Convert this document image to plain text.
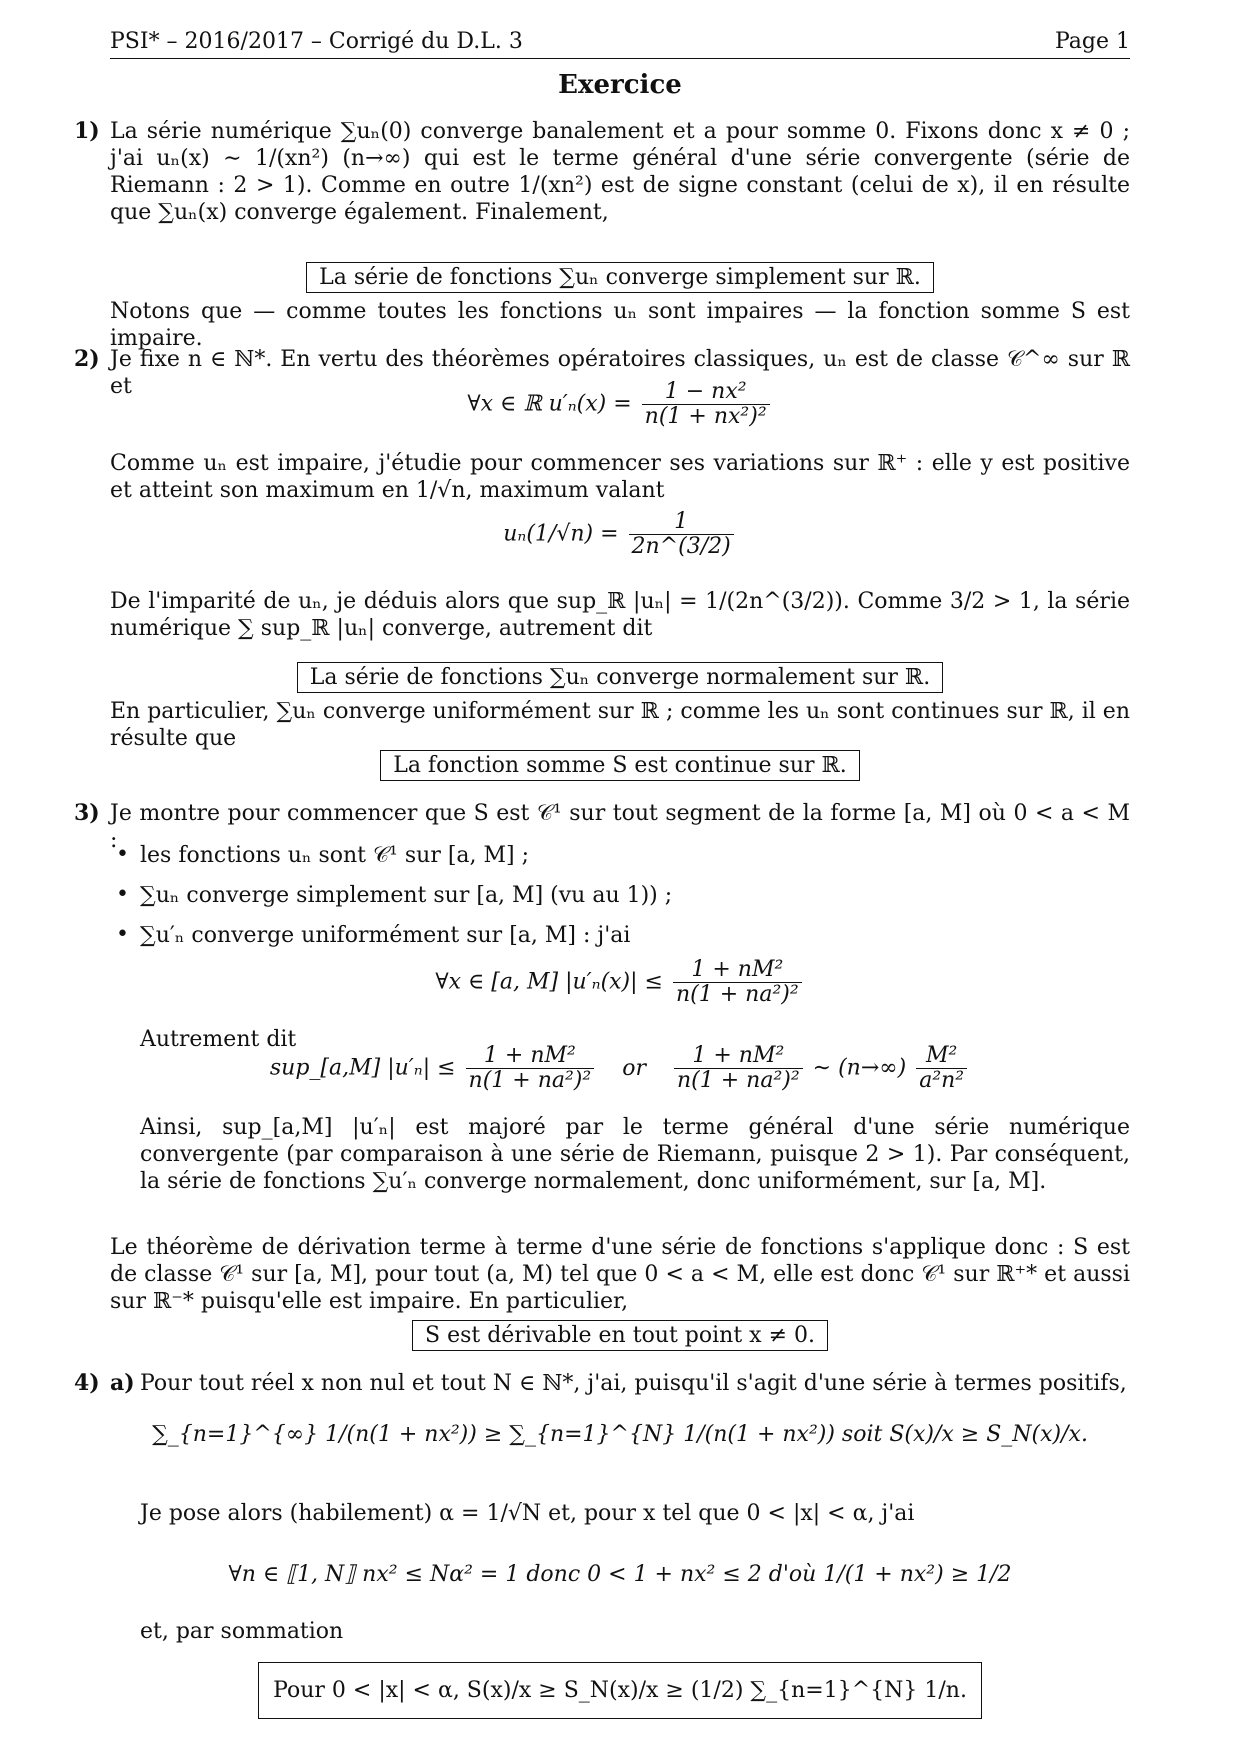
PSI* – 2016/2017 – Corrigé du D.L. 3	Page 1
Exercice
1) La série numérique ∑uₙ(0) converge banalement et a pour somme 0. Fixons donc x ≠ 0 ; j'ai uₙ(x) ∼ 1/(xn²) (n→∞) qui est le terme général d'une série convergente (série de Riemann : 2 > 1). Comme en outre 1/(xn²) est de signe constant (celui de x), il en résulte que ∑uₙ(x) converge également. Finalement,
La série de fonctions ∑uₙ converge simplement sur ℝ.
Notons que — comme toutes les fonctions uₙ sont impaires — la fonction somme S est impaire.
2) Je fixe n ∈ ℕ*. En vertu des théorèmes opératoires classiques, uₙ est de classe 𝒞^∞ sur ℝ et
∀x ∈ ℝ $u'_n(x) = \frac{\text{1 − nx²}}{\text{n(1 + nx²)²}}$
Comme uₙ est impaire, j'étudie pour commencer ses variations sur ℝ⁺ : elle y est positive et atteint son maximum en 1/√n, maximum valant
$u_n(1/√n) = \frac{1}{2n\^{}(3/2)}$
De l'imparité de uₙ, je déduis alors que sup_ℝ |uₙ| = 1/(2n^(3/2)). Comme 3/2 > 1, la série numérique ∑ sup_ℝ |uₙ| converge, autrement dit
La série de fonctions ∑uₙ converge normalement sur ℝ.
En particulier, ∑uₙ converge uniformément sur ℝ ; comme les uₙ sont continues sur ℝ, il en résulte que
La fonction somme S est continue sur ℝ.
3) Je montre pour commencer que S est 𝒞¹ sur tout segment de la forme [a, M] où 0 < a < M :
• les fonctions uₙ sont 𝒞¹ sur [a, M] ;
• ∑uₙ converge simplement sur [a, M] (vu au 1)) ;
• ∑u′ₙ converge uniformément sur [a, M] : j'ai
∀x ∈ [a, M] $|u'_n(x)| \le \frac{\text{1 + nM²}}{\text{n(1 + na²)²}}$
Autrement dit
sup_[a,M] $|u'_n| \le \frac{\text{1 + nM²}}{\text{n(1 + na²)²}}$ or $\frac{\text{1 + nM²}}{\text{n(1 + na²)²}}$ ∼ $(n\to\infty) \frac{\text{M²}}{\text{a²n²}}$
Ainsi, sup_[a,M] |u′ₙ| est majoré par le terme général d'une série numérique convergente (par comparaison à une série de Riemann, puisque 2 > 1). Par conséquent, la série de fonctions ∑u′ₙ converge normalement, donc uniformément, sur [a, M].
Le théorème de dérivation terme à terme d'une série de fonctions s'applique donc : S est de classe 𝒞¹ sur [a, M], pour tout (a, M) tel que 0 < a < M, elle est donc 𝒞¹ sur ℝ⁺* et aussi sur ℝ⁻* puisqu'elle est impaire. En particulier,
S est dérivable en tout point x ≠ 0.
4) a) Pour tout réel x non nul et tout N ∈ ℕ*, j'ai, puisqu'il s'agit d'une série à termes positifs,
∑_{n=1}^{∞} 1/(n(1 + nx²)) ≥ ∑_{n=1}^{N} 1/(n(1 + nx²)) soit S(x)/x ≥ S_N(x)/x.
Je pose alors (habilement) α = 1/√N et, pour x tel que 0 < |x| < α, j'ai
∀n ∈ ⟦1, N⟧ nx² ≤ Nα² = 1 donc 0 < 1 + nx² ≤ 2 d'où 1/(1 + nx²) ≥ 1/2
et, par sommation
Pour 0 < |x| < α, S(x)/x ≥ S_N(x)/x ≥ (1/2) ∑_{n=1}^{N} 1/n.
